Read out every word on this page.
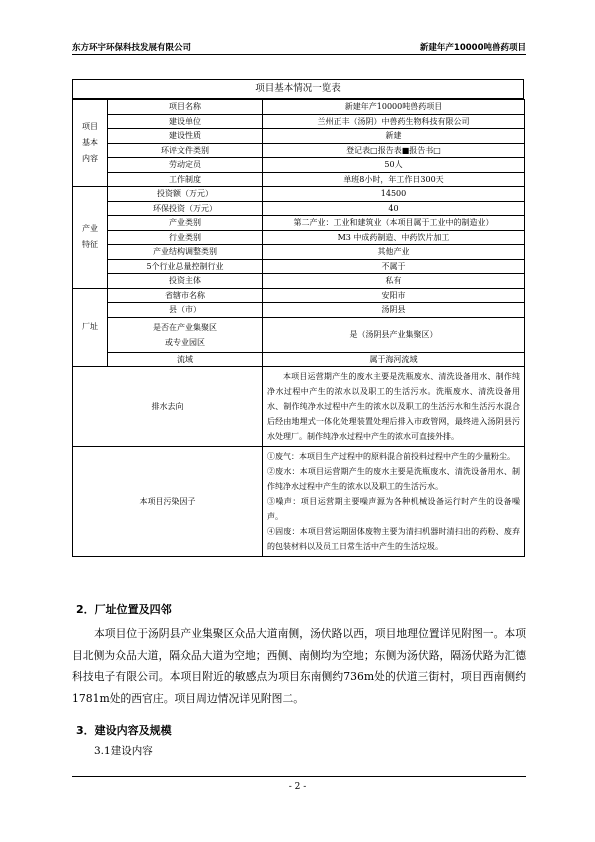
东方环宇环保科技发展有限公司	新建年产10000吨兽药项目
项目基本情况一览表
项目
基本
内容	项目名称	新建年产10000吨兽药项目
	建设单位	兰州正丰（汤阴）中兽药生物科技有限公司
	建设性质	新建
	环评文件类别	登记表□报告表■报告书□
	劳动定员	50人
	工作制度	单班8小时，年工作日300天
产业
特征	投资额（万元）	14500
	环保投资（万元）	40
	产业类别	第二产业：工业和建筑业（本项目属于工业中的制造业）
	行业类别	M3 中成药制造、中药饮片加工
	产业结构调整类别	其他产业
	5个行业总量控制行业	不属于
	投资主体	私有
厂址	省辖市名称	安阳市
	县（市）	汤阴县
	是否在产业集聚区
或专业园区	是（汤阴县产业集聚区）
	流域	属于海河流域
排水去向		本项目运营期产生的废水主要是洗瓶废水、清洗设备用水、制作纯净水过程中产生的浓水以及职工的生活污水。洗瓶废水、清洗设备用水、制作纯净水过程中产生的浓水以及职工的生活污水和生活污水混合后经由地埋式一体化处理装置处理后排入市政管网，最终进入汤阴县污水处理厂。制作纯净水过程中产生的浓水可直接外排。

本项目污染因子		①废气：本项目生产过程中的原料混合前投料过程中产生的少量粉尘。

②废水：本项目运营期产生的废水主要是洗瓶废水、清洗设备用水、制作纯净水过程中产生的浓水以及职工的生活污水。

③噪声：项目运营期主要噪声源为各种机械设备运行时产生的设备噪声。

④固废：本项目营运期固体废物主要为清扫机器时清扫出的药粉、废弃的包装材料以及员工日常生活中产生的生活垃圾。

2．厂址位置及四邻

本项目位于汤阴县产业集聚区众品大道南侧，汤伏路以西，项目地理位置详见附图一。本项目北侧为众品大道，隔众品大道为空地；西侧、南侧均为空地；东侧为汤伏路，隔汤伏路为汇德科技电子有限公司。本项目附近的敏感点为项目东南侧约736m处的伏道三街村，项目西南侧约1781m处的西官庄。项目周边情况详见附图二。

3．建设内容及规模
3.1建设内容
- 2 -
